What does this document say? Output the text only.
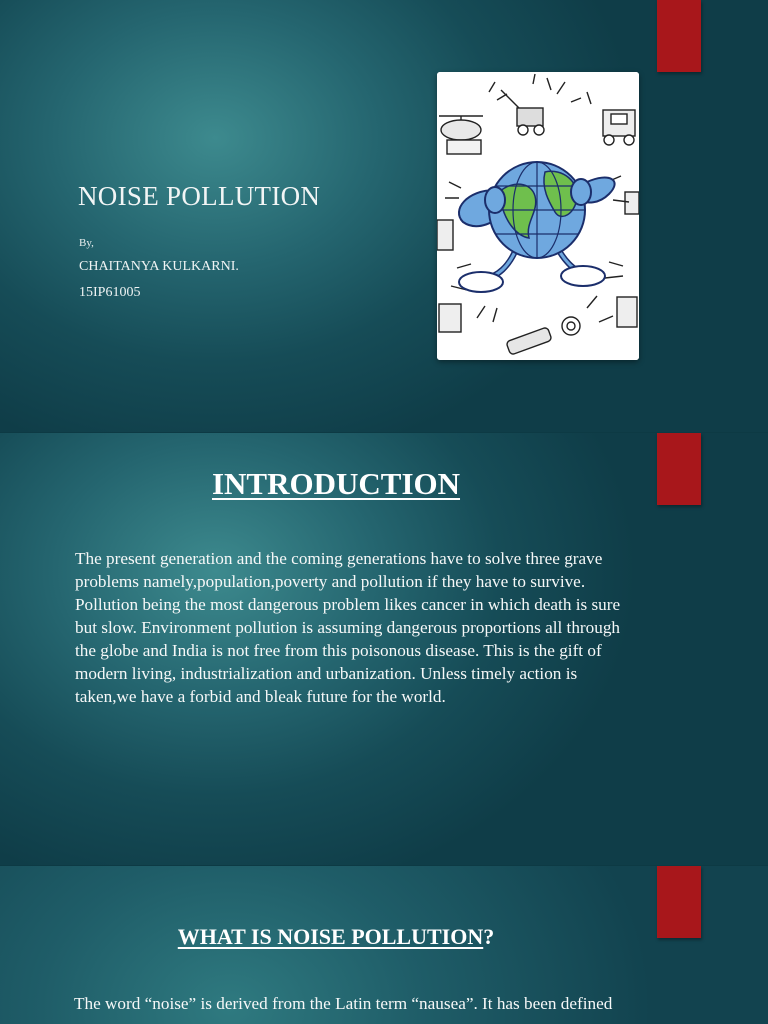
NOISE POLLUTION
By,
CHAITANYA KULKARNI.
15IP61005
INTRODUCTION

The present generation and the coming generations have to solve three grave problems namely,population,poverty and pollution if they have to survive. Pollution being the most dangerous problem likes cancer in which death is sure but slow. Environment pollution is assuming dangerous proportions all through the globe and India is not free from this poisonous disease. This is the gift of modern living, industrialization and urbanization. Unless timely action is taken,we have a forbid and bleak future for the world.

WHAT IS NOISE POLLUTION?

The word “noise” is derived from the Latin term “nausea”. It has been defined
